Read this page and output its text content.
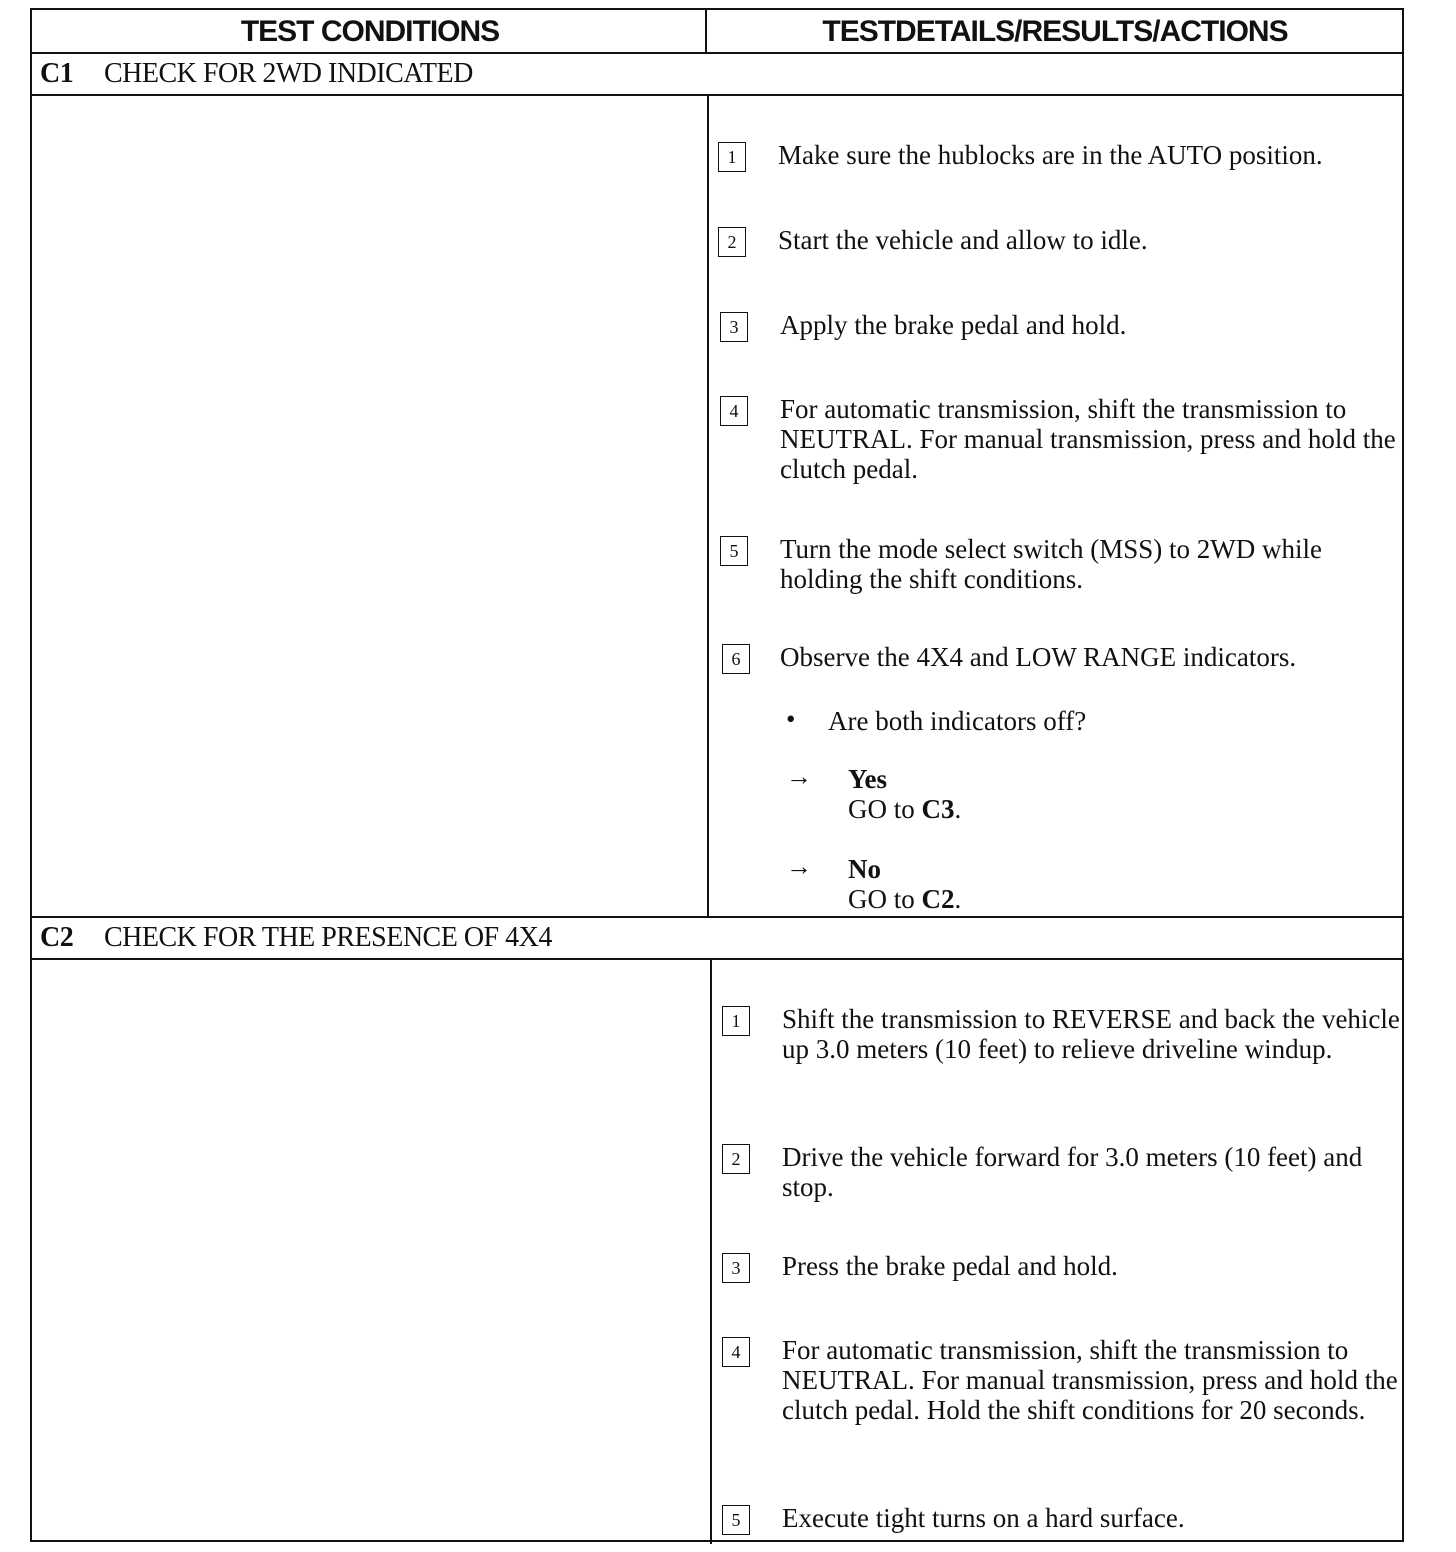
TEST CONDITIONS	TESTDETAILS/RESULTS/ACTIONS
C1 CHECK FOR 2WD INDICATED
1	Make sure the hublocks are in the AUTO position.
2	Start the vehicle and allow to idle.
3	Apply the brake pedal and hold.
4	For automatic transmission, shift the transmission to NEUTRAL. For manual transmission, press and hold the clutch pedal.
5	Turn the mode select switch (MSS) to 2WD while holding the shift conditions.
6	Observe the 4X4 and LOW RANGE indicators.
• Are both indicators off?
→ Yes
GO to C3.
→ No
GO to C2.
C2 CHECK FOR THE PRESENCE OF 4X4
1	Shift the transmission to REVERSE and back the vehicle up 3.0 meters (10 feet) to relieve driveline windup.
2	Drive the vehicle forward for 3.0 meters (10 feet) and stop.
3	Press the brake pedal and hold.
4	For automatic transmission, shift the transmission to NEUTRAL. For manual transmission, press and hold the clutch pedal. Hold the shift conditions for 20 seconds.
5	Execute tight turns on a hard surface.
